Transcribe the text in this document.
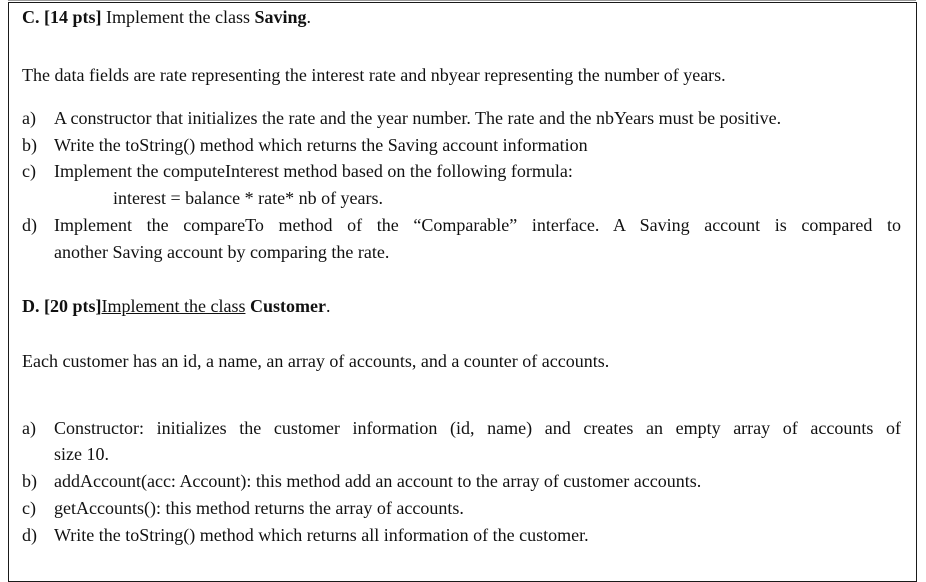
C. [14 pts] Implement the class Saving.
The data fields are rate representing the interest rate and nbyear representing the number of years.
a) A constructor that initializes the rate and the year number. The rate and the nbYears must be positive.
b) Write the toString() method which returns the Saving account information
c) Implement the computeInterest method based on the following formula:
interest = balance * rate* nb of years.
d) Implement the compareTo method of the “Comparable” interface. A Saving account is compared to
another Saving account by comparing the rate.
D. [20 pts]Implement the class Customer.
Each customer has an id, a name, an array of accounts, and a counter of accounts.
a) Constructor: initializes the customer information (id, name) and creates an empty array of accounts of
size 10.
b) addAccount(acc: Account): this method add an account to the array of customer accounts.
c) getAccounts(): this method returns the array of accounts.
d) Write the toString() method which returns all information of the customer.
